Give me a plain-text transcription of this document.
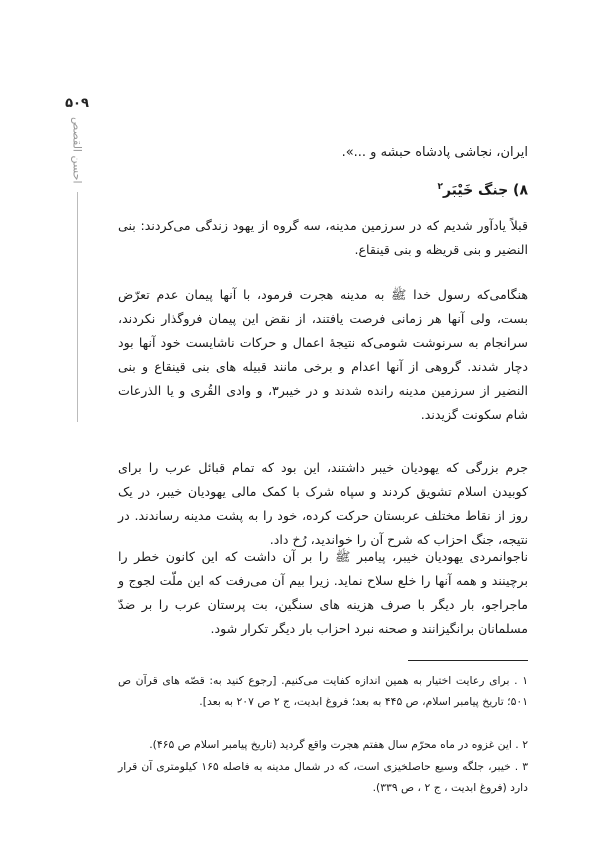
۵۰۹
احسن القصص	ایران، نجاشی پادشاه حبشه و ...».
۸) جنگ خَیْبَر$^۲$

قبلاً یادآور شدیم که در سرزمین مدینه، سه گروه از یهود زندگی می‌کردند: بنی النضیر و بنی قریظه و بنی قینقاع.

هنگامی‌که رسول خدا ﷺ به مدینه هجرت فرمود، با آنها پیمان عدم تعرّض بست، ولی آنها هر زمانی فرصت یافتند، از نقض این پیمان فروگذار نکردند، سرانجام به سرنوشت شومی‌که نتیجهٔ اعمال و حرکات ناشایست خود آنها بود دچار شدند. گروهی از آنها اعدام و برخی مانند قبیله های بنی قینقاع و بنی النضیر از سرزمین مدینه رانده شدند و در خیبر۳، و وادی القُری و یا الذرعات شام سکونت گزیدند.

جرم بزرگی که یهودیان خیبر داشتند، این بود که تمام قبائل عرب را برای کوبیدن اسلام تشویق کردند و سپاه شرک با کمک مالی یهودیان خیبر، در یک روز از نقاط مختلف عربستان حرکت کرده، خود را به پشت مدینه رساندند. در نتیجه، جنگ احزاب که شرح آن را خواندید، رُخ داد.

ناجوانمردی یهودیان خیبر، پیامبر ﷺ را بر آن داشت که این کانون خطر را برچینند و همه آنها را خلع سلاح نماید. زیرا بیم آن می‌رفت که این ملّت لجوج و ماجراجو، بار دیگر با صرف هزینه های سنگین، بت پرستان عرب را بر ضدّ مسلمانان برانگیزانند و صحنه نبرد احزاب بار دیگر تکرار شود.

۱ . برای رعایت اختیار به همین اندازه کفایت می‌کنیم. [رجوع کنید به: قصّه های قرآن ص ۵۰۱؛ تاریخ پیامبر اسلام، ص ۴۴۵ به بعد؛ فروغ ابدیت، ج ۲ ص ۲۰۷ به بعد].

۲ . این غزوه در ماه محرّم سال هفتم هجرت واقع گردید (تاریخ پیامبر اسلام ص ۴۶۵).

۳ . خیبر، جلگه وسیع حاصلخیزی است، که در شمال مدینه به فاصله ۱۶۵ کیلومتری آن قرار دارد (فروغ ابدیت ، ج ۲ ، ص ۳۳۹).
